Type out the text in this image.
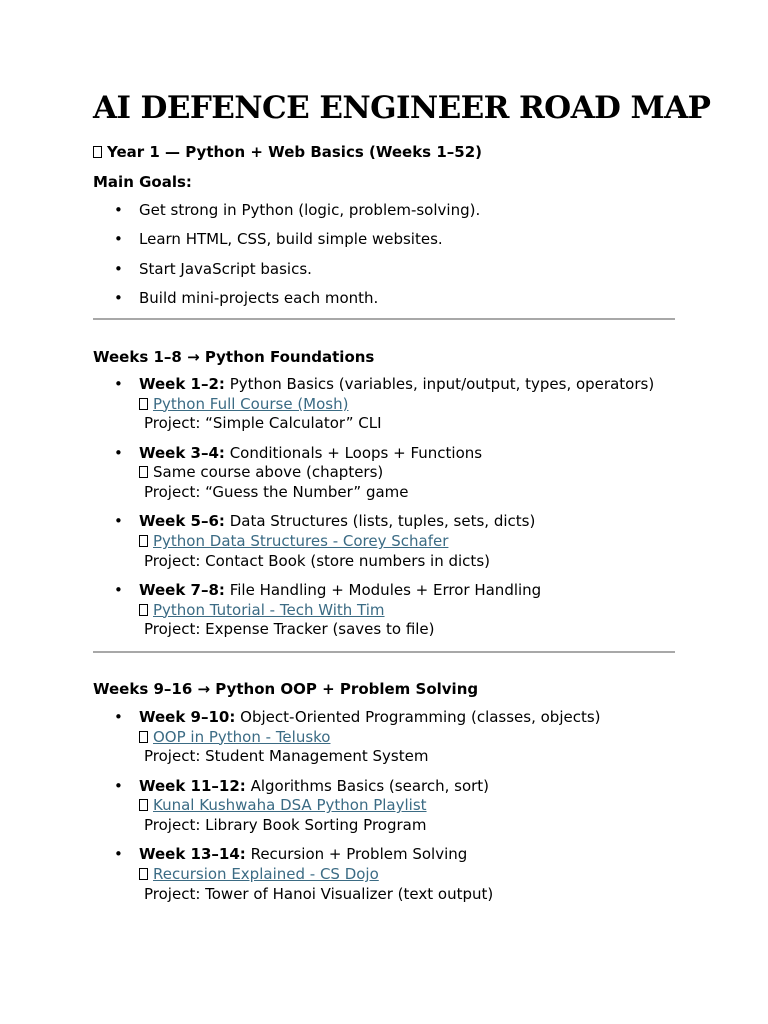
AI DEFENCE ENGINEER ROAD MAP
Year 1 — Python + Web Basics (Weeks 1–52)
Main Goals:
• Get strong in Python (logic, problem-solving).
• Learn HTML, CSS, build simple websites.
• Start JavaScript basics.
• Build mini-projects each month.
Weeks 1–8 → Python Foundations
• Week 1–2: Python Basics (variables, input/output, types, operators)
Python Full Course (Mosh)
Project: “Simple Calculator” CLI
• Week 3–4: Conditionals + Loops + Functions
Same course above (chapters)
Project: “Guess the Number” game
• Week 5–6: Data Structures (lists, tuples, sets, dicts)
Python Data Structures - Corey Schafer
Project: Contact Book (store numbers in dicts)
• Week 7–8: File Handling + Modules + Error Handling
Python Tutorial - Tech With Tim
Project: Expense Tracker (saves to file)
Weeks 9–16 → Python OOP + Problem Solving
• Week 9–10: Object-Oriented Programming (classes, objects)
OOP in Python - Telusko
Project: Student Management System
• Week 11–12: Algorithms Basics (search, sort)
Kunal Kushwaha DSA Python Playlist
Project: Library Book Sorting Program
• Week 13–14: Recursion + Problem Solving
Recursion Explained - CS Dojo
Project: Tower of Hanoi Visualizer (text output)
